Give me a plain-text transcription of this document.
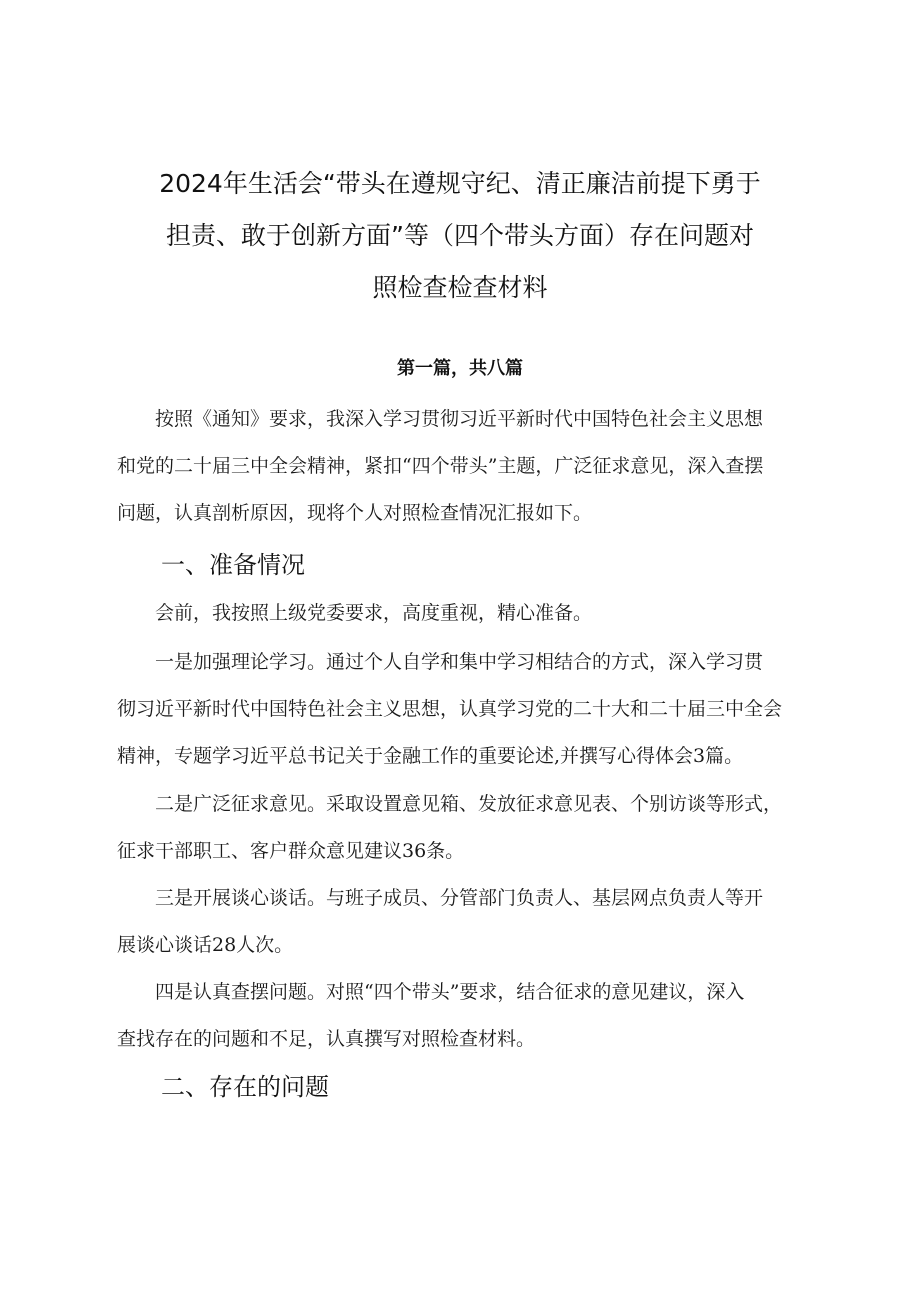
2024年生活会“带头在遵规守纪、清正廉洁前提下勇于
担责、敢于创新方面”等（四个带头方面）存在问题对
照检查检查材料
第一篇，共八篇
　　按照《通知》要求，我深入学习贯彻习近平新时代中国特色社会主义思想
和党的二十届三中全会精神，紧扣“四个带头”主题，广泛征求意见，深入查摆
问题，认真剖析原因，现将个人对照检查情况汇报如下。
一、准备情况
　　会前，我按照上级党委要求，高度重视，精心准备。
　　一是加强理论学习。通过个人自学和集中学习相结合的方式，深入学习贯
彻习近平新时代中国特色社会主义思想，认真学习党的二十大和二十届三中全会
精神，专题学习近平总书记关于金融工作的重要论述,并撰写心得体会3篇。
　　二是广泛征求意见。采取设置意见箱、发放征求意见表、个别访谈等形式，
征求干部职工、客户群众意见建议36条。
　　三是开展谈心谈话。与班子成员、分管部门负责人、基层网点负责人等开
展谈心谈话28人次。
　　四是认真查摆问题。对照“四个带头”要求，结合征求的意见建议，深入
查找存在的问题和不足，认真撰写对照检查材料。
二、存在的问题
